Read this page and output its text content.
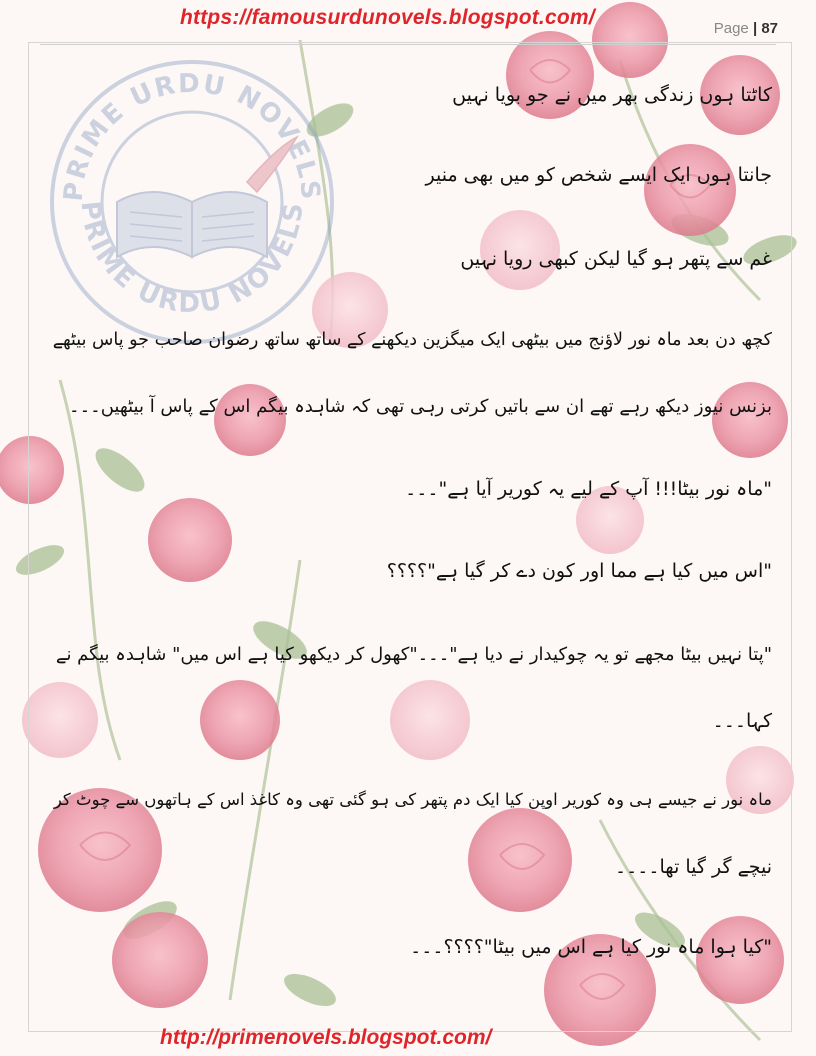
PRIME URDU NOVELS
PRIME URDU NOVELS
https://famousurdunovels.blogspot.com/	Page | 87
کاٹتا ہوں زندگی بھر میں نے جو بویا نہیں
جانتا ہوں ایک ایسے شخص کو میں بھی منیر
غم سے پتھر ہو گیا لیکن کبھی رویا نہیں
کچھ دن بعد ماہ نور لاؤنج میں بیٹھی ایک میگزین دیکھنے کے ساتھ ساتھ رضوان صاحب جو پاس بیٹھے
بزنس نیوز دیکھ رہے تھے ان سے باتیں کرتی رہی تھی کہ شاہدہ بیگم اس کے پاس آ بیٹھیں۔۔۔
"ماہ نور بیٹا!!! آپ کے لیے یہ کوریر آیا ہے"۔۔۔
"اس میں کیا ہے مما اور کون دے کر گیا ہے"؟؟؟؟
"پتا نہیں بیٹا مجھے تو یہ چوکیدار نے دیا ہے"۔۔۔"کھول کر دیکھو کیا ہے اس میں" شاہدہ بیگم نے
کہا۔۔۔
ماہ نور نے جیسے ہی وہ کوریر اوپن کیا ایک دم پتھر کی ہو گئی تھی وہ کاغذ اس کے ہاتھوں سے چوٹ کر
نیچے گر گیا تھا۔۔۔۔
"کیا ہوا ماہ نور کیا ہے اس میں بیٹا"؟؟؟؟۔۔۔
http://primenovels.blogspot.com/
